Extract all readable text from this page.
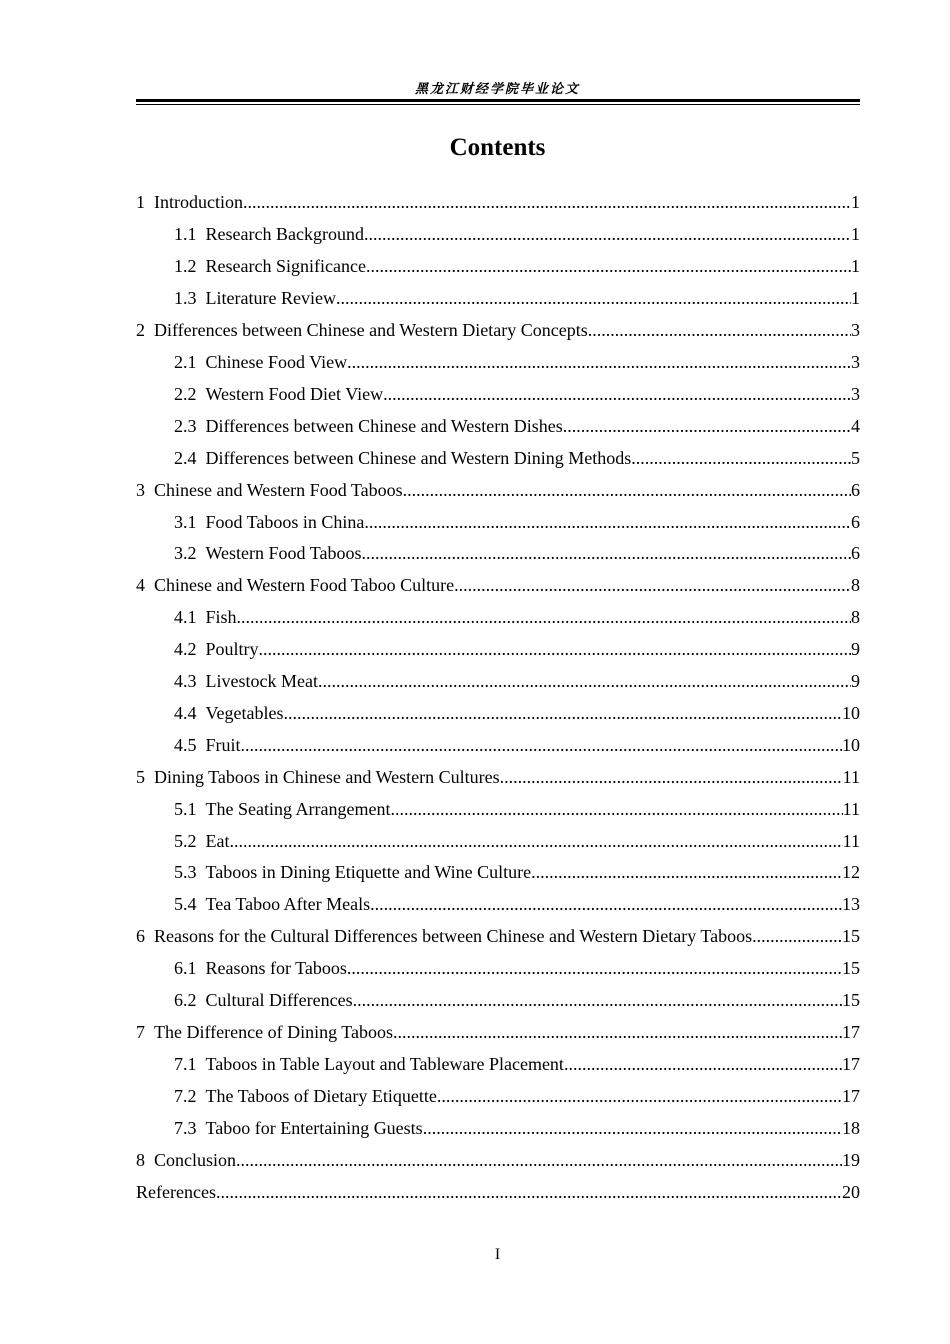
黑龙江财经学院毕业论文
Contents
1 Introduction .....	1
1.1 Research Background .....	1
1.2 Research Significance .....	1
1.3 Literature Review .....	1
2 Differences between Chinese and Western Dietary Concepts .....	3
2.1 Chinese Food View .....	3
2.2 Western Food Diet View .....	3
2.3 Differences between Chinese and Western Dishes .....	4
2.4 Differences between Chinese and Western Dining Methods .....	5
3 Chinese and Western Food Taboos .....	6
3.1 Food Taboos in China .....	6
3.2 Western Food Taboos .....	6
4 Chinese and Western Food Taboo Culture .....	8
4.1 Fish .....	8
4.2 Poultry .....	9
4.3 Livestock Meat .....	9
4.4 Vegetables .....	10
4.5 Fruit .....	10
5 Dining Taboos in Chinese and Western Cultures .....	11
5.1 The Seating Arrangement .....	11
5.2 Eat .....	11
5.3 Taboos in Dining Etiquette and Wine Culture .....	12
5.4 Tea Taboo After Meals .....	13
6 Reasons for the Cultural Differences between Chinese and Western Dietary Taboos .....	15
6.1 Reasons for Taboos .....	15
6.2 Cultural Differences .....	15
7 The Difference of Dining Taboos .....	17
7.1 Taboos in Table Layout and Tableware Placement .....	17
7.2 The Taboos of Dietary Etiquette .....	17
7.3 Taboo for Entertaining Guests .....	18
8 Conclusion .....	19
References .....	20
I
